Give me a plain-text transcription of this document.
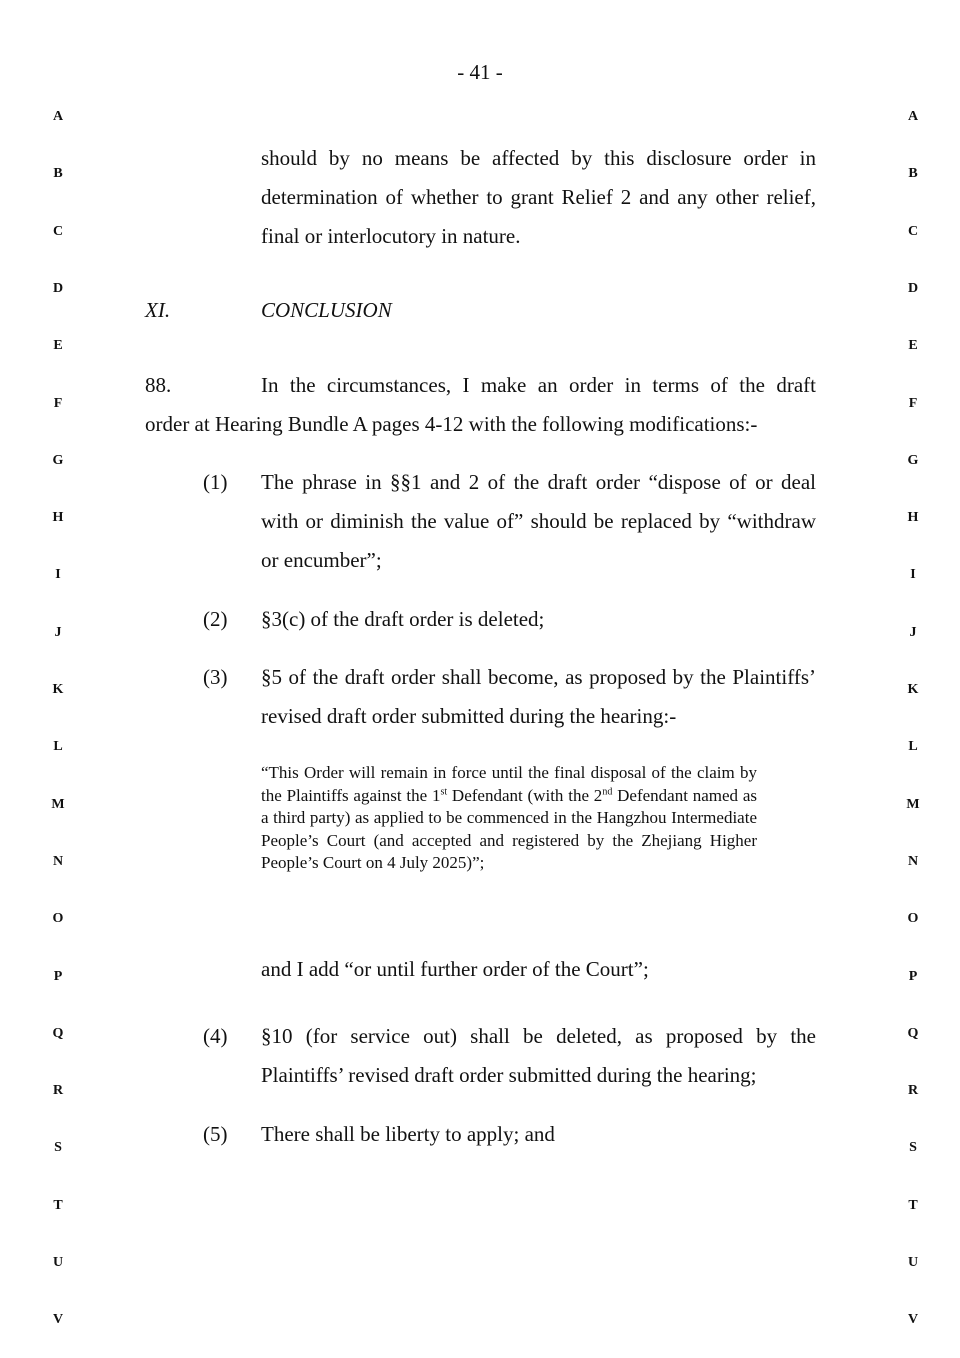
- 41 -
A
B
C
D
E
F
G
H
I
J
K
L
M
N
O
P
Q
R
S
T
U
V
A
B
C
D
E
F
G
H
I
J
K
L
M
N
O
P
Q
R
S
T
U
V
should by no means be affected by this disclosure order in determination of whether to grant Relief 2 and any other relief, final or interlocutory in nature.
XI.	CONCLUSION
88.	In the circumstances, I make an order in terms of the draft
order at Hearing Bundle A pages 4-12 with the following modifications:-
(1) The phrase in §§1 and 2 of the draft order “dispose of or deal with or diminish the value of” should be replaced by “withdraw or encumber”;
(2) §3(c) of the draft order is deleted;
(3) §5 of the draft order shall become, as proposed by the Plaintiffs’ revised draft order submitted during the hearing:-
“This Order will remain in force until the final disposal of the claim by the Plaintiffs against the 1st Defendant (with the 2nd Defendant named as a third party) as applied to be commenced in the Hangzhou Intermediate People’s Court (and accepted and registered by the Zhejiang Higher People’s Court on 4 July 2025)”;
and I add “or until further order of the Court”;
(4) §10 (for service out) shall be deleted, as proposed by the Plaintiffs’ revised draft order submitted during the hearing;
(5) There shall be liberty to apply; and
